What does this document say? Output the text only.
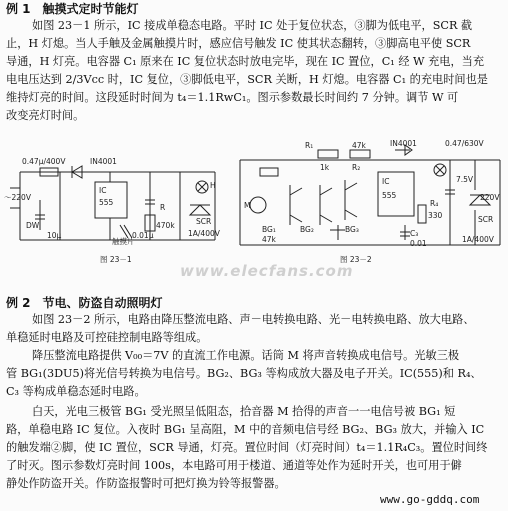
例 1　触摸式定时节能灯
如图 23－1 所示，IC 接成单稳态电路。平时 IC 处于复位状态，③脚为低电平，SCR 截
止，H 灯熄。当人手触及金属触摸片时，感应信号触发 IC 使其状态翻转，③脚高电平使 SCR
导通，H 灯亮。电容器 C₁ 原来在 IC 复位状态时放电完毕，现在 IC 置位，C₁ 经 W 充电，当充
电电压达到 2/3Vcc 时，IC 复位，③脚低电平，SCR 关断，H 灯熄。电容器 C₁ 的充电时间也是
维持灯亮的时间。这段延时时间为 t₄＝1.1RwC₁。图示参数最长时间约 7 分钟。调节 W 可
改变亮灯时间。
0.47μ/400V	IN4001
～220V
DW
IC
555
R
470k
0.01μ
SCR
H
触摸片
1A/400V
10μ
图 23－1
IN4001	0.47/630V
R₁
1k
47k
R₂
IC
555
BG₂	BG₃
BG₁
M
47k
R₄
330
7.5V
SCR
220V
1A/400V
C₃
0.01
图 23－2
www.elecfans.com
例 2　节电、防盗自动照明灯
如图 23－2 所示，电路由降压整流电路、声－电转换电路、光－电转换电路、放大电路、
单稳延时电路及可控硅控制电路等组成。
降压整流电路提供 V₀₀＝7V 的直流工作电源。话筒 M 将声音转换成电信号。光敏三极
管 BG₁(3DU5)将光信号转换为电信号。BG₂、BG₃ 等构成放大器及电子开关。IC(555)和 R₄、
C₃ 等构成单稳态延时电路。
白天，光电三极管 BG₁ 受光照呈低阻态，拾音器 M 拾得的声音一一电信号被 BG₁ 短
路，单稳电路 IC 复位。入夜时 BG₁ 呈高阻，M 中的音频电信号经 BG₂、BG₃ 放大，并输入 IC
的触发端②脚，使 IC 置位，SCR 导通，灯亮。置位时间（灯亮时间）t₄＝1.1R₄C₃。置位时间终
了时灭。图示参数灯亮时间 100s，本电路可用于楼道、通道等处作为延时开关，也可用于僻
静处作防盗开关。作防盗报警时可把灯换为铃等报警器。
www.go-gddq.com
